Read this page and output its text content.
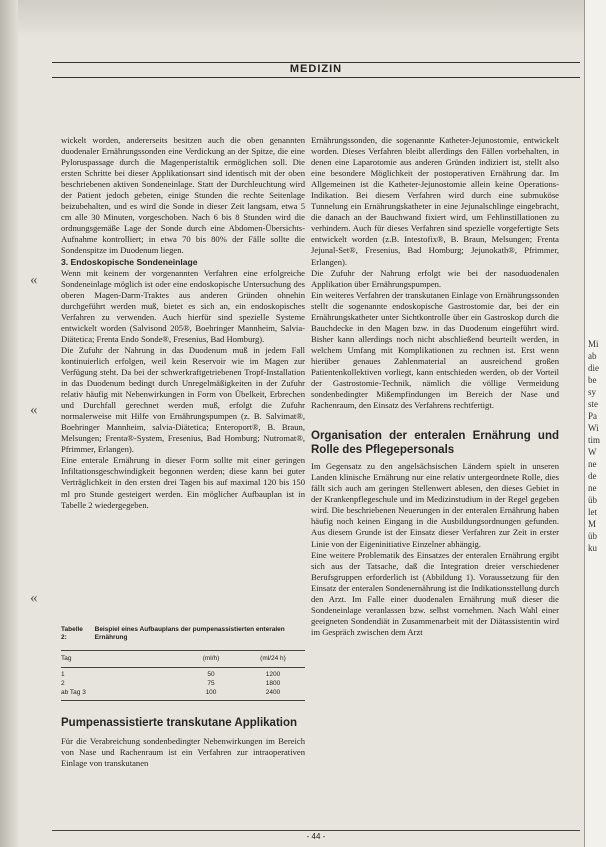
MEDIZIN
«
«
«

wickelt worden, andererseits besitzen auch die oben genannten duodenaler Ernährungssonden eine Verdickung an der Spitze, die eine Pyloruspassage durch die Magenperistaltik ermöglichen soll. Die ersten Schritte bei dieser Applikationsart sind identisch mit der oben beschriebenen aktiven Sondeneinlage. Statt der Durchleuchtung wird der Patient jedoch gebeten, einige Stunden die rechte Seitenlage beizubehalten, und es wird die Sonde in dieser Zeit langsam, etwa 5 cm alle 30 Minuten, vorgeschoben. Nach 6 bis 8 Stunden wird die ordnungsgemäße Lage der Sonde durch eine Abdomen-Übersichts-Aufnahme kontrolliert; in etwa 70 bis 80% der Fälle sollte die Sondenspitze im Duodenum liegen.

3. Endoskopische Sondeneinlage

Wenn mit keinem der vorgenannten Verfahren eine erfolgreiche Sondeneinlage möglich ist oder eine endoskopische Untersuchung des oberen Magen-Darm-Traktes aus anderen Gründen ohnehin durchgeführt werden muß, bietet es sich an, ein endoskopisches Verfahren zu verwenden. Auch hierfür sind spezielle Systeme entwickelt worden (Salvisond 205®, Boehringer Mannheim, Salvia-Diätetica; Frenta Endo Sonde®, Fresenius, Bad Homburg).

Die Zufuhr der Nahrung in das Duodenum muß in jedem Fall kontinuierlich erfolgen, weil kein Reservoir wie im Magen zur Verfügung steht. Da bei der schwerkraftgetriebenen Tropf-Installation in das Duodenum bedingt durch Unregelmäßigkeiten in der Zufuhr relativ häufig mit Nebenwirkungen in Form von Übelkeit, Erbrechen und Durchfall gerechnet werden muß, erfolgt die Zufuhr normalerweise mit Hilfe von Ernährungspumpen (z. B. Salvimat®, Boehringer Mannheim, salvia-Diätetica; Enteroport®, B. Braun, Melsungen; Frenta®-System, Fresenius, Bad Homburg; Nutromat®, Pfrimmer, Erlangen).

Eine enterale Ernährung in dieser Form sollte mit einer geringen Infiltationsgeschwindigkeit begonnen werden; diese kann bei guter Verträglichkeit in den ersten drei Tagen bis auf maximal 120 bis 150 ml pro Stunde gesteigert werden. Ein möglicher Aufbauplan ist in Tabelle 2 wiedergegeben.

Tabelle 2:
Beispiel eines Aufbauplans der pumpenassistierten enteralen Ernährung
Tag	(ml/h)	(ml/24 h)
1	50	1200
2	75	1800
ab Tag 3	100	2400
Pumpenassistierte transkutane Applikation

Für die Verabreichung sondenbedingter Nebenwirkungen im Bereich von Nase und Rachenraum ist ein Verfahren zur intraoperativen Einlage von transkutanen

Ernährungssonden, die sogenannte Katheter-Jejunostomie, entwickelt worden. Dieses Verfahren bleibt allerdings den Fällen vorbehalten, in denen eine Laparotomie aus anderen Gründen indiziert ist, stellt also eine besondere Möglichkeit der postoperativen Ernährung dar. Im Allgemeinen ist die Katheter-Jejunostomie allein keine Operations-Indikation. Bei diesem Verfahren wird durch eine submuköse Tunnelung ein Ernährungskatheter in eine Jejunalschlinge eingebracht, die danach an der Bauchwand fixiert wird, um Fehlinstillationen zu verhindern. Auch für dieses Verfahren sind spezielle vorgefertigte Sets entwickelt worden (z.B. Intestofix®, B. Braun, Melsungen; Frenta Jejunal-Set®, Fresenius, Bad Homburg; Jejunokath®, Pfrimmer, Erlangen).

Die Zufuhr der Nahrung erfolgt wie bei der nasoduodenalen Applikation über Ernährungspumpen.

Ein weiteres Verfahren der transkutanen Einlage von Ernährungssonden stellt die sogenannte endoskopische Gastrostomie dar, bei der ein Ernährungskatheter unter Sichtkontrolle über ein Gastroskop durch die Bauchdecke in den Magen bzw. in das Duodenum eingeführt wird. Bisher kann allerdings noch nicht abschließend beurteilt werden, in welchem Umfang mit Komplikationen zu rechnen ist. Erst wenn hierüber genaues Zahlenmaterial an ausreichend großen Patientenkollektiven vorliegt, kann entschieden werden, ob der Vorteil der Gastrostomie-Technik, nämlich die völlige Vermeidung sondenbedingter Mißempfindungen im Bereich der Nase und Rachenraum, den Einsatz des Verfahrens rechtfertigt.

Organisation der enteralen Ernährung und Rolle des Pflegepersonals

Im Gegensatz zu den angelsächsischen Ländern spielt in unseren Landen klinische Ernährung nur eine relativ untergeordnete Rolle, dies fällt sich auch am geringen Stellenwert ablesen, den dieses Gebiet in der Krankenpflegeschule und im Medizinstudium in der Regel gegeben wird. Die beschriebenen Neuerungen in der enteralen Ernährung haben häufig noch keinen Eingang in die Ausbildungsordnungen gefunden. Aus diesem Grunde ist der Einsatz dieser Verfahren zur Zeit in erster Linie von der Eigeninitiative Einzelner abhängig.

Eine weitere Problematik des Einsatzes der enteralen Ernährung ergibt sich aus der Tatsache, daß die Integration dreier verschiedener Berufsgruppen erforderlich ist (Abbildung 1). Voraussetzung für den Einsatz der enteralen Sondenernährung ist die Indikationsstellung durch den Arzt. Im Falle einer duodenalen Ernährung muß dieser die Sondeneinlage veranlassen bzw. selbst vornehmen. Nach Wahl einer geeigneten Sondendiät in Zusammenarbeit mit der Diätassistentin wird im Gespräch zwischen dem Arzt

Mi
ab
die
be
sy
ste
Pa
Wi
tim
W
ne
de
ne
üb
let
M
üb
ku
- 44 -
